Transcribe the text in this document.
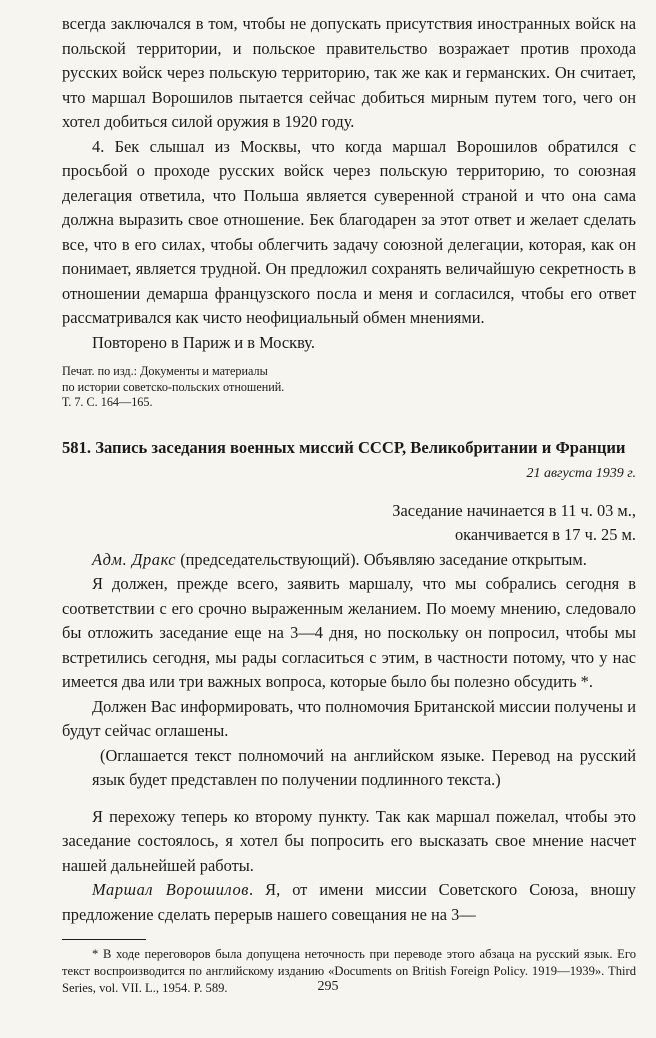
всегда заключался в том, чтобы не допускать присутствия иностранных войск на польской территории, и польское правительство возражает против прохода русских войск через польскую территорию, так же как и германских. Он считает, что маршал Ворошилов пытается сейчас добиться мирным путем того, чего он хотел добиться силой оружия в 1920 году.

4. Бек слышал из Москвы, что когда маршал Ворошилов обратился с просьбой о проходе русских войск через польскую территорию, то союзная делегация ответила, что Польша является суверенной страной и что она сама должна выразить свое отношение. Бек благодарен за этот ответ и желает сделать все, что в его силах, чтобы облегчить задачу союзной делегации, которая, как он понимает, является трудной. Он предложил сохранять величайшую секретность в отношении демарша французского посла и меня и согласился, чтобы его ответ рассматривался как чисто неофициальный обмен мнениями.

Повторено в Париж и в Москву.

Печат. по изд.: Документы и материалы
по истории советско-польских отношений.
Т. 7. С. 164—165.
581. Запись заседания военных миссий СССР, Великобритании и Франции
21 августа 1939 г.
Заседание начинается в 11 ч. 03 м.,
оканчивается в 17 ч. 25 м.

Адм. Дракс (председательствующий). Объявляю заседание открытым.

Я должен, прежде всего, заявить маршалу, что мы собрались сегодня в соответствии с его срочно выраженным желанием. По моему мнению, следовало бы отложить заседание еще на 3—4 дня, но поскольку он попросил, чтобы мы встретились сегодня, мы рады согласиться с этим, в частности потому, что у нас имеется два или три важных вопроса, которые было бы полезно обсудить *.

Должен Вас информировать, что полномочия Британской миссии получены и будут сейчас оглашены.

(Оглашается текст полномочий на английском языке. Перевод на русский язык будет представлен по получении подлинного текста.)

Я перехожу теперь ко второму пункту. Так как маршал пожелал, чтобы это заседание состоялось, я хотел бы попросить его высказать свое мнение насчет нашей дальнейшей работы.

Маршал Ворошилов. Я, от имени миссии Советского Союза, вношу предложение сделать перерыв нашего совещания не на 3—

* В ходе переговоров была допущена неточность при переводе этого абзаца на русский язык. Его текст воспроизводится по английскому изданию «Documents on British Foreign Policy. 1919—1939». Third Series, vol. VII. L., 1954. P. 589.	295
